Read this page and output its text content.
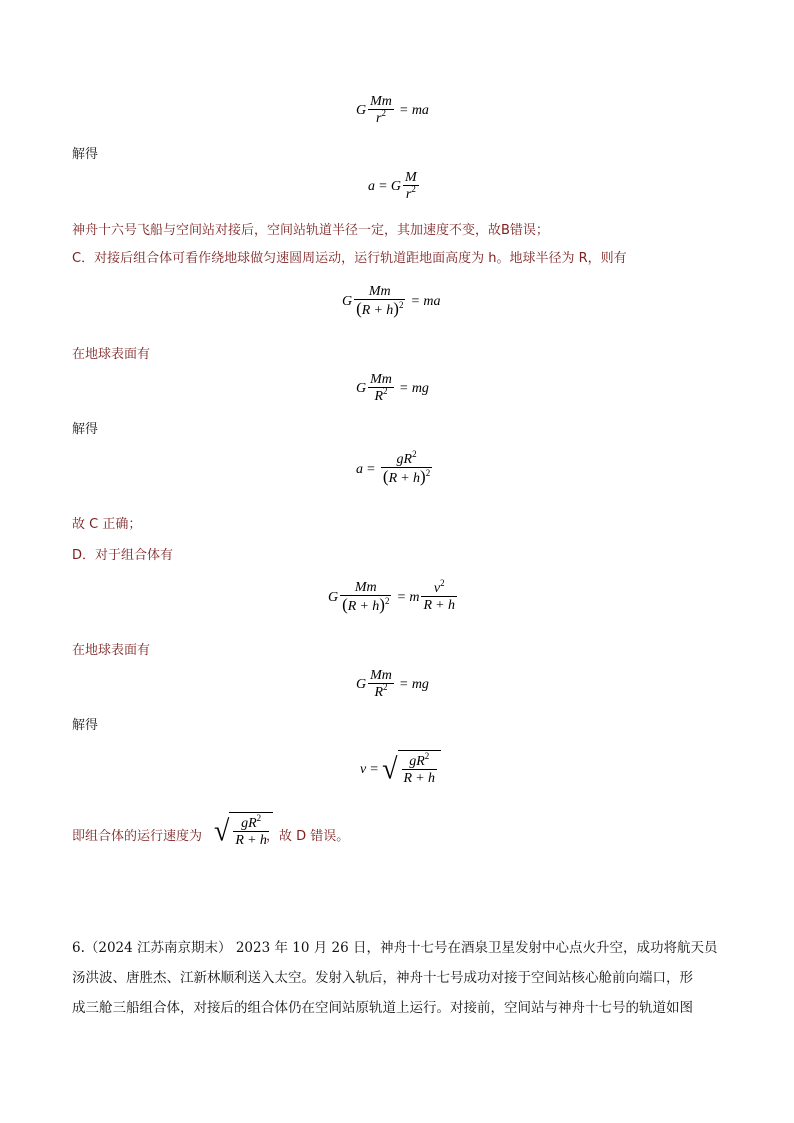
G $\frac{Mm}{r^2}$ = ma
解得
a = G $\frac{M}{r^2}$
神舟十六号飞船与空间站对接后，空间站轨道半径一定，其加速度不变，故B错误；
C．对接后组合体可看作绕地球做匀速圆周运动，运行轨道距地面高度为 h。地球半径为 R，则有
G $\frac{Mm}{(R + h)^2}$ = ma
在地球表面有
G $\frac{Mm}{R^2}$ = mg
解得
$a = \frac{gR^2}{(R + h)^2}$
故 C 正确；
D．对于组合体有
G $\frac{Mm}{(R + h)^2} = m \frac{v^2}{R + h}$
在地球表面有
G $\frac{Mm}{R^2}$ = mg
解得
v = √ $\frac{gR^2}{R + h}$
即组合体的运行速度为 √ $\frac{gR^2}{R + h}$
，故 D 错误。
6.（2024 江苏南京期末） 2023 年 10 月 26 日，神舟十七号在酒泉卫星发射中心点火升空，成功将航天员
汤洪波、唐胜杰、江新林顺利送入太空。发射入轨后，神舟十七号成功对接于空间站核心舱前向端口，形
成三舱三船组合体，对接后的组合体仍在空间站原轨道上运行。对接前，空间站与神舟十七号的轨道如图
